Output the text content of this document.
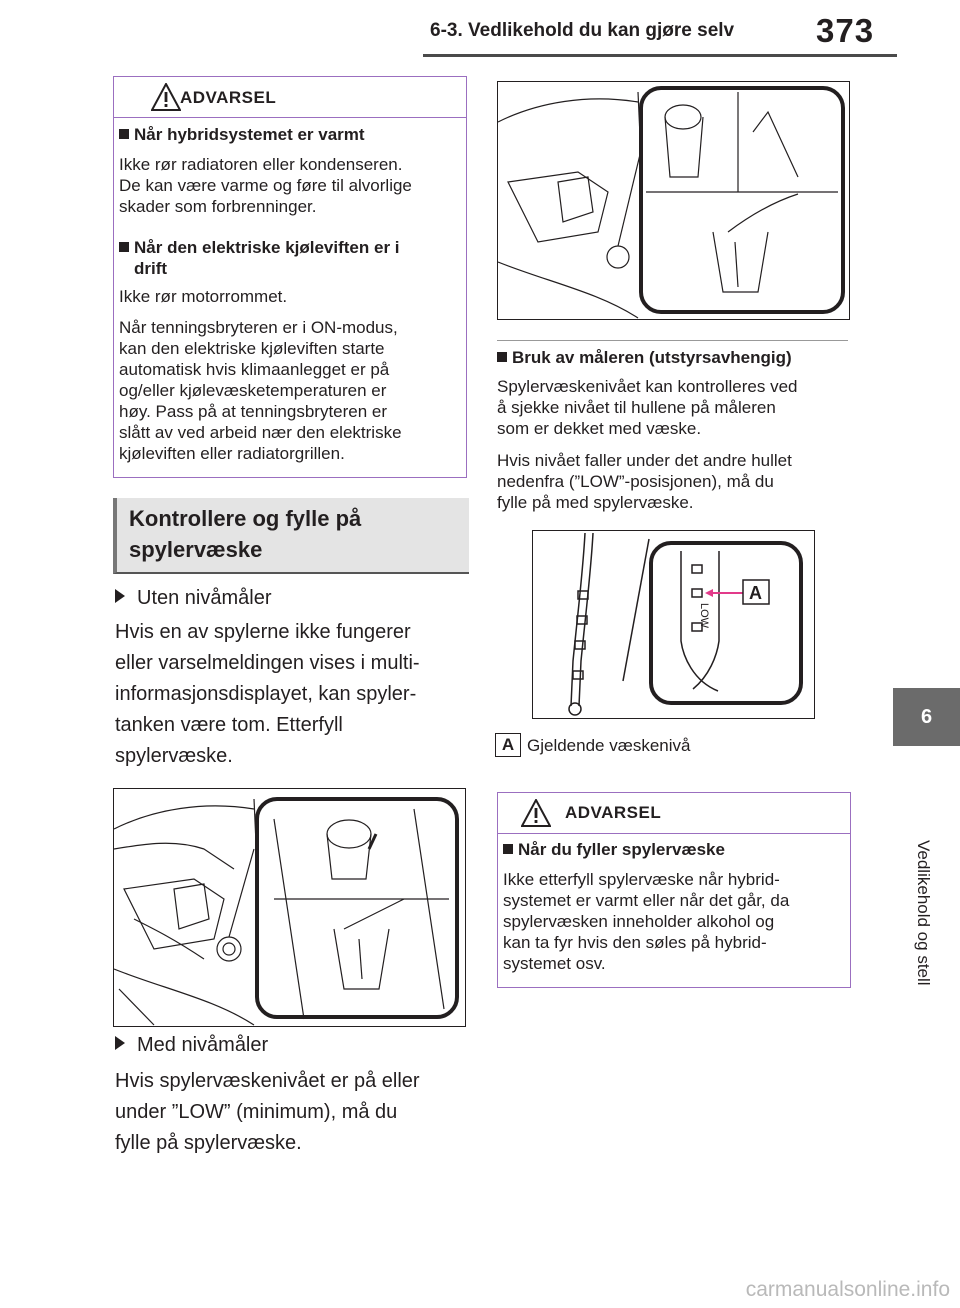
6-3. Vedlikehold du kan gjøre selv 373
6
Vedlikehold og stell
ADVARSEL
Når hybridsystemet er varmt
Ikke rør radiatoren eller kondenseren.
De kan være varme og føre til alvorlige
skader som forbrenninger.
Når den elektriske kjøleviften er i
drift
Ikke rør motorrommet.
Når tenningsbryteren er i ON-modus,
kan den elektriske kjøleviften starte
automatisk hvis klimaanlegget er på
og/eller kjølevæsketemperaturen er
høy. Pass på at tenningsbryteren er
slått av ved arbeid nær den elektriske
kjøleviften eller radiatorgrillen.
Kontrollere og fylle på
spylervæske
Uten nivåmåler
Hvis en av spylerne ikke fungerer
eller varselmeldingen vises i multi-
informasjonsdisplayet, kan spyler-
tanken være tom. Etterfyll
spylervæske.
Med nivåmåler
Hvis spylervæskenivået er på eller
under ”LOW” (minimum), må du
fylle på spylervæske.
Bruk av måleren (utstyrsavhengig)
Spylervæskenivået kan kontrolleres ved
å sjekke nivået til hullene på måleren
som er dekket med væske.
Hvis nivået faller under det andre hullet
nedenfra (”LOW”-posisjonen), må du
fylle på med spylervæske.
LOW
A
A Gjeldende væskenivå
ADVARSEL
Når du fyller spylervæske
Ikke etterfyll spylervæske når hybrid-
systemet er varmt eller når det går, da
spylervæsken inneholder alkohol og
kan ta fyr hvis den søles på hybrid-
systemet osv.
carmanualsonline.info
